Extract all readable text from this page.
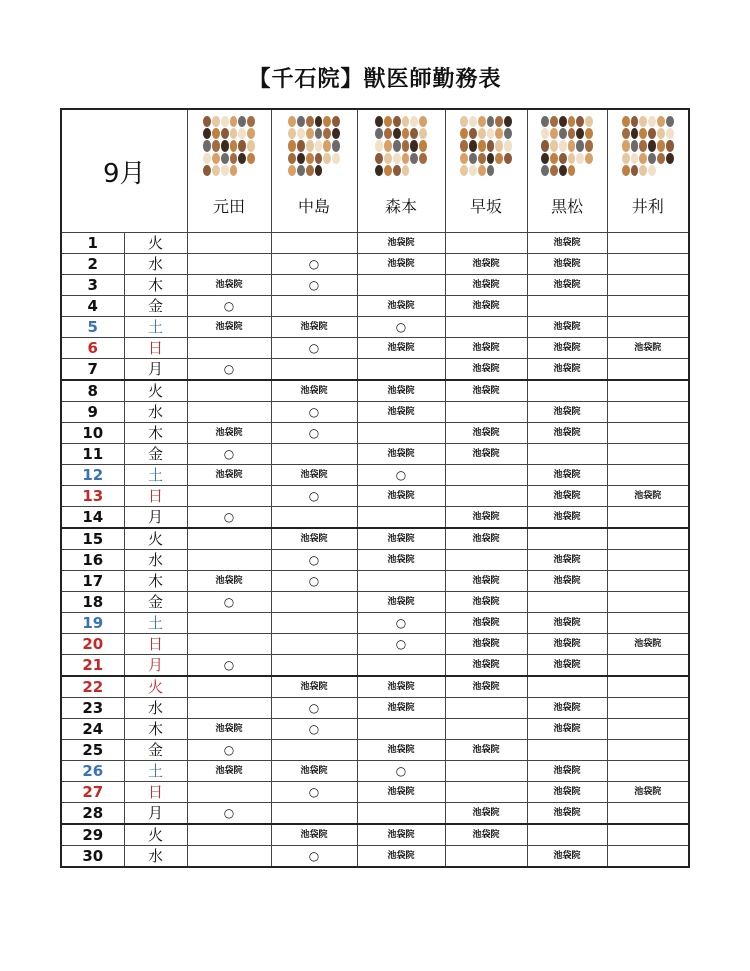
【千石院】獣医師勤務表
9月		元田	中島	森本	早坂	黒松	井利

1	火			池袋院		池袋院	
2	水		○	池袋院	池袋院	池袋院	
3	木	池袋院	○		池袋院	池袋院	
4	金	○		池袋院	池袋院		
5	土	池袋院	池袋院	○		池袋院	
6	日		○	池袋院	池袋院	池袋院	池袋院
7	月	○			池袋院	池袋院	
8	火		池袋院	池袋院	池袋院		
9	水		○	池袋院		池袋院	
10	木	池袋院	○		池袋院	池袋院	
11	金	○		池袋院	池袋院		
12	土	池袋院	池袋院	○		池袋院	
13	日		○	池袋院		池袋院	池袋院
14	月	○			池袋院	池袋院	
15	火		池袋院	池袋院	池袋院		
16	水		○	池袋院		池袋院	
17	木	池袋院	○		池袋院	池袋院	
18	金	○		池袋院	池袋院		
19	土			○	池袋院	池袋院	
20	日			○	池袋院	池袋院	池袋院
21	月	○			池袋院	池袋院	
22	火		池袋院	池袋院	池袋院		
23	水		○	池袋院		池袋院	
24	木	池袋院	○			池袋院	
25	金	○		池袋院	池袋院		
26	土	池袋院	池袋院	○		池袋院	
27	日		○	池袋院		池袋院	池袋院
28	月	○			池袋院	池袋院	
29	火		池袋院	池袋院	池袋院		
30	水		○	池袋院		池袋院	
